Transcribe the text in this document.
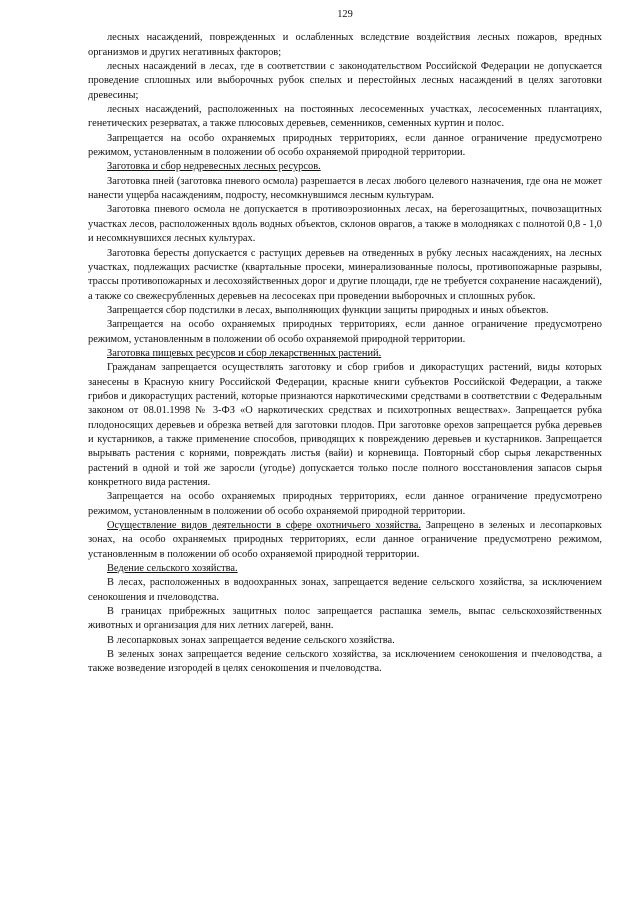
129

лесных насаждений, поврежденных и ослабленных вследствие воздействия лесных пожаров, вредных организмов и других негативных факторов;

лесных насаждений в лесах, где в соответствии с законодательством Российской Федерации не допускается проведение сплошных или выборочных рубок спелых и перестойных лесных насаждений в целях заготовки древесины;

лесных насаждений, расположенных на постоянных лесосеменных участках, лесосеменных плантациях, генетических резерватах, а также плюсовых деревьев, семенников, семенных куртин и полос.

Запрещается на особо охраняемых природных территориях, если данное ограничение предусмотрено режимом, установленным в положении об особо охраняемой природной территории.

Заготовка и сбор недревесных лесных ресурсов.

Заготовка пней (заготовка пневого осмола) разрешается в лесах любого целевого назначения, где она не может нанести ущерба насаждениям, подросту, несомкнувшимся лесным культурам.

Заготовка пневого осмола не допускается в противоэрозионных лесах, на берегозащитных, почвозащитных участках лесов, расположенных вдоль водных объектов, склонов оврагов, а также в молодняках с полнотой 0,8 - 1,0 и несомкнувшихся лесных культурах.

Заготовка бересты допускается с растущих деревьев на отведенных в рубку лесных насаждениях, на лесных участках, подлежащих расчистке (квартальные просеки, минерализованные полосы, противопожарные разрывы, трассы противопожарных и лесохозяйственных дорог и другие площади, где не требуется сохранение насаждений), а также со свежесрубленных деревьев на лесосеках при проведении выборочных и сплошных рубок.

Запрещается сбор подстилки в лесах, выполняющих функции защиты природных и иных объектов.

Запрещается на особо охраняемых природных территориях, если данное ограничение предусмотрено режимом, установленным в положении об особо охраняемой природной территории.

Заготовка пищевых ресурсов и сбор лекарственных растений.

Гражданам запрещается осуществлять заготовку и сбор грибов и дикорастущих растений, виды которых занесены в Красную книгу Российской Федерации, красные книги субъектов Российской Федерации, а также грибов и дикорастущих растений, которые признаются наркотическими средствами в соответствии с Федеральным законом от 08.01.1998 № 3-ФЗ «О наркотических средствах и психотропных веществах». Запрещается рубка плодоносящих деревьев и обрезка ветвей для заготовки плодов. При заготовке орехов запрещается рубка деревьев и кустарников, а также применение способов, приводящих к повреждению деревьев и кустарников. Запрещается вырывать растения с корнями, повреждать листья (вайи) и корневища. Повторный сбор сырья лекарственных растений в одной и той же заросли (угодье) допускается только после полного восстановления запасов сырья конкретного вида растения.

Запрещается на особо охраняемых природных территориях, если данное ограничение предусмотрено режимом, установленным в положении об особо охраняемой природной территории.

Осуществление видов деятельности в сфере охотничьего хозяйства. Запрещено в зеленых и лесопарковых зонах, на особо охраняемых природных территориях, если данное ограничение предусмотрено режимом, установленным в положении об особо охраняемой природной территории.

Ведение сельского хозяйства.

В лесах, расположенных в водоохранных зонах, запрещается ведение сельского хозяйства, за исключением сенокошения и пчеловодства.

В границах прибрежных защитных полос запрещается распашка земель, выпас сельскохозяйственных животных и организация для них летних лагерей, ванн.

В лесопарковых зонах запрещается ведение сельского хозяйства.

В зеленых зонах запрещается ведение сельского хозяйства, за исключением сенокошения и пчеловодства, а также возведение изгородей в целях сенокошения и пчеловодства.
